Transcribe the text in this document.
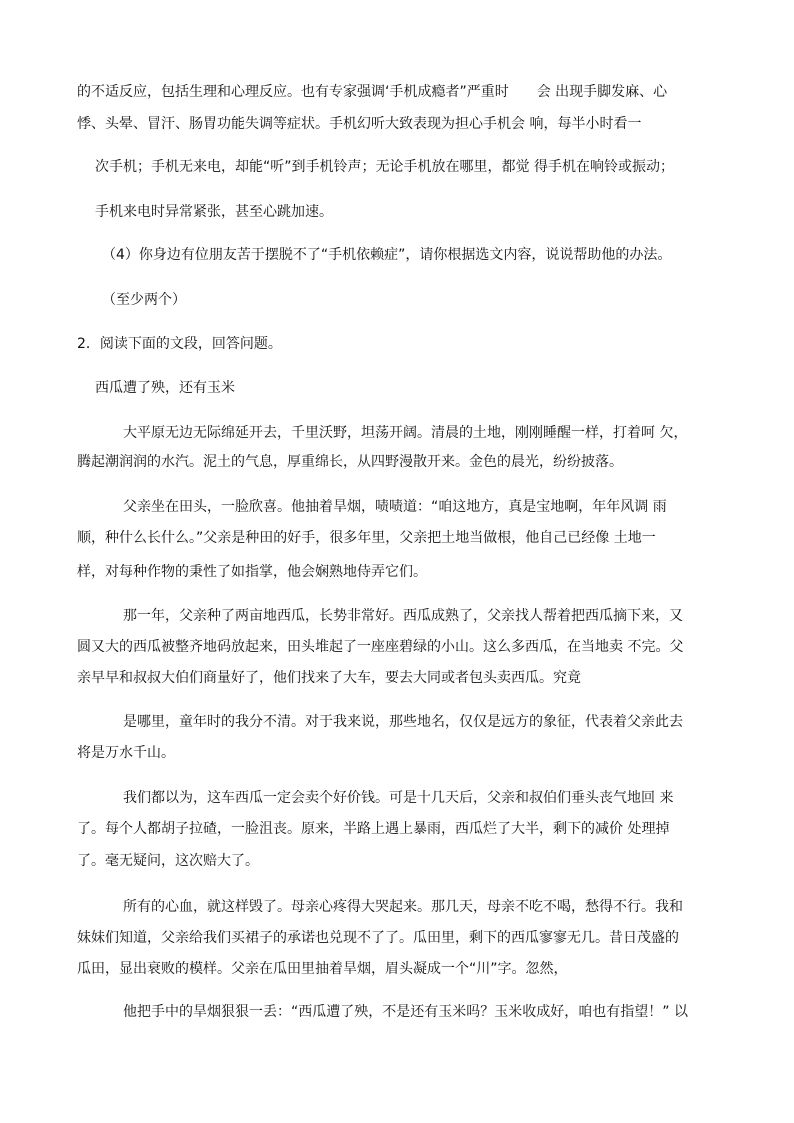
的不适反应，包括生理和心理反应。也有专家强调‘手机成瘾者”严重时　　会 出现手脚发麻、心
悸、头晕、冒汗、肠胃功能失调等症状。手机幻听大致表现为担心手机会 响，每半小时看一
次手机；手机无来电，却能“听”到手机铃声；无论手机放在哪里，都觉 得手机在响铃或振动；
手机来电时异常紧张，甚至心跳加速。
（4）你身边有位朋友苦于摆脱不了“手机依赖症”，请你根据选文内容，说说帮助他的办法。
（至少两个）
2．阅读下面的文段，回答问题。
西瓜遭了殃，还有玉米
大平原无边无际绵延开去，千里沃野，坦荡开阔。清晨的土地，刚刚睡醒一样，打着呵 欠，
腾起潮润润的水汽。泥土的气息，厚重绵长，从四野漫散开来。金色的晨光，纷纷披落。
父亲坐在田头，一脸欣喜。他抽着旱烟，啧啧道：“咱这地方，真是宝地啊，年年风调 雨
顺，种什么长什么。”父亲是种田的好手，很多年里，父亲把土地当做根，他自己已经像 土地一
样，对每种作物的秉性了如指掌，他会娴熟地侍弄它们。
那一年，父亲种了两亩地西瓜，长势非常好。西瓜成熟了，父亲找人帮着把西瓜摘下来，又
圆又大的西瓜被整齐地码放起来，田头堆起了一座座碧绿的小山。这么多西瓜，在当地卖 不完。父
亲早早和叔叔大伯们商量好了，他们找来了大车，要去大同或者包头卖西瓜。究竟
是哪里，童年时的我分不清。对于我来说，那些地名，仅仅是远方的象征，代表着父亲此去
将是万水千山。
我们都以为，这车西瓜一定会卖个好价钱。可是十几天后，父亲和叔伯们垂头丧气地回 来
了。每个人都胡子拉碴，一脸沮丧。原来，半路上遇上暴雨，西瓜烂了大半，剩下的减价 处理掉
了。毫无疑问，这次赔大了。
所有的心血，就这样毁了。母亲心疼得大哭起来。那几天，母亲不吃不喝，愁得不行。我和
妹妹们知道，父亲给我们买裙子的承诺也兑现不了了。瓜田里，剩下的西瓜寥寥无几。昔日茂盛的
瓜田，显出衰败的模样。父亲在瓜田里抽着旱烟，眉头凝成一个“川”字。忽然，
他把手中的旱烟狠狠一丢：“西瓜遭了殃，不是还有玉米吗？玉米收成好，咱也有指望！” 以
